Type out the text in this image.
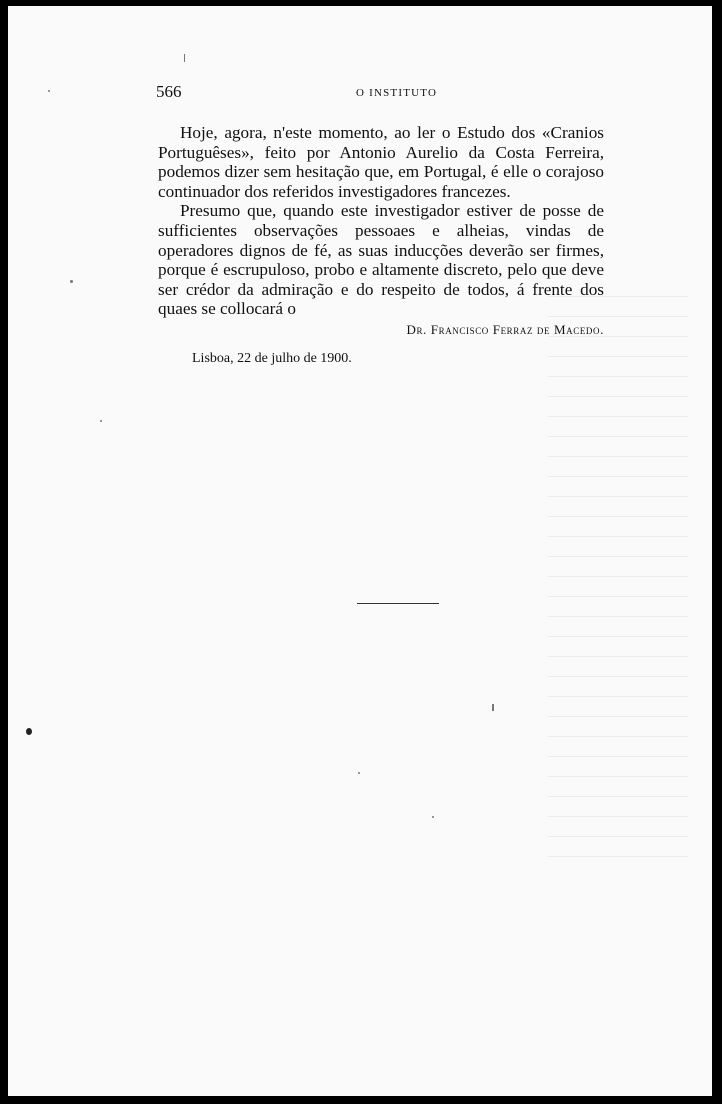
566	O INSTITUTO

Hoje, agora, n'este momento, ao ler o Estudo dos «Cranios Portuguêses», feito por Antonio Aurelio da Costa Ferreira, podemos dizer sem hesitação que, em Portugal, é elle o corajoso continuador dos referidos investigadores francezes.

Presumo que, quando este investigador estiver de posse de sufficientes observações pessoaes e alheias, vindas de operadores dignos de fé, as suas inducções deverão ser firmes, porque é escrupuloso, probo e altamente discreto, pelo que deve ser crédor da admiração e do respeito de todos, á frente dos quaes se collocará o

Dr. Francisco Ferraz de Macedo.
Lisboa, 22 de julho de 1900.
